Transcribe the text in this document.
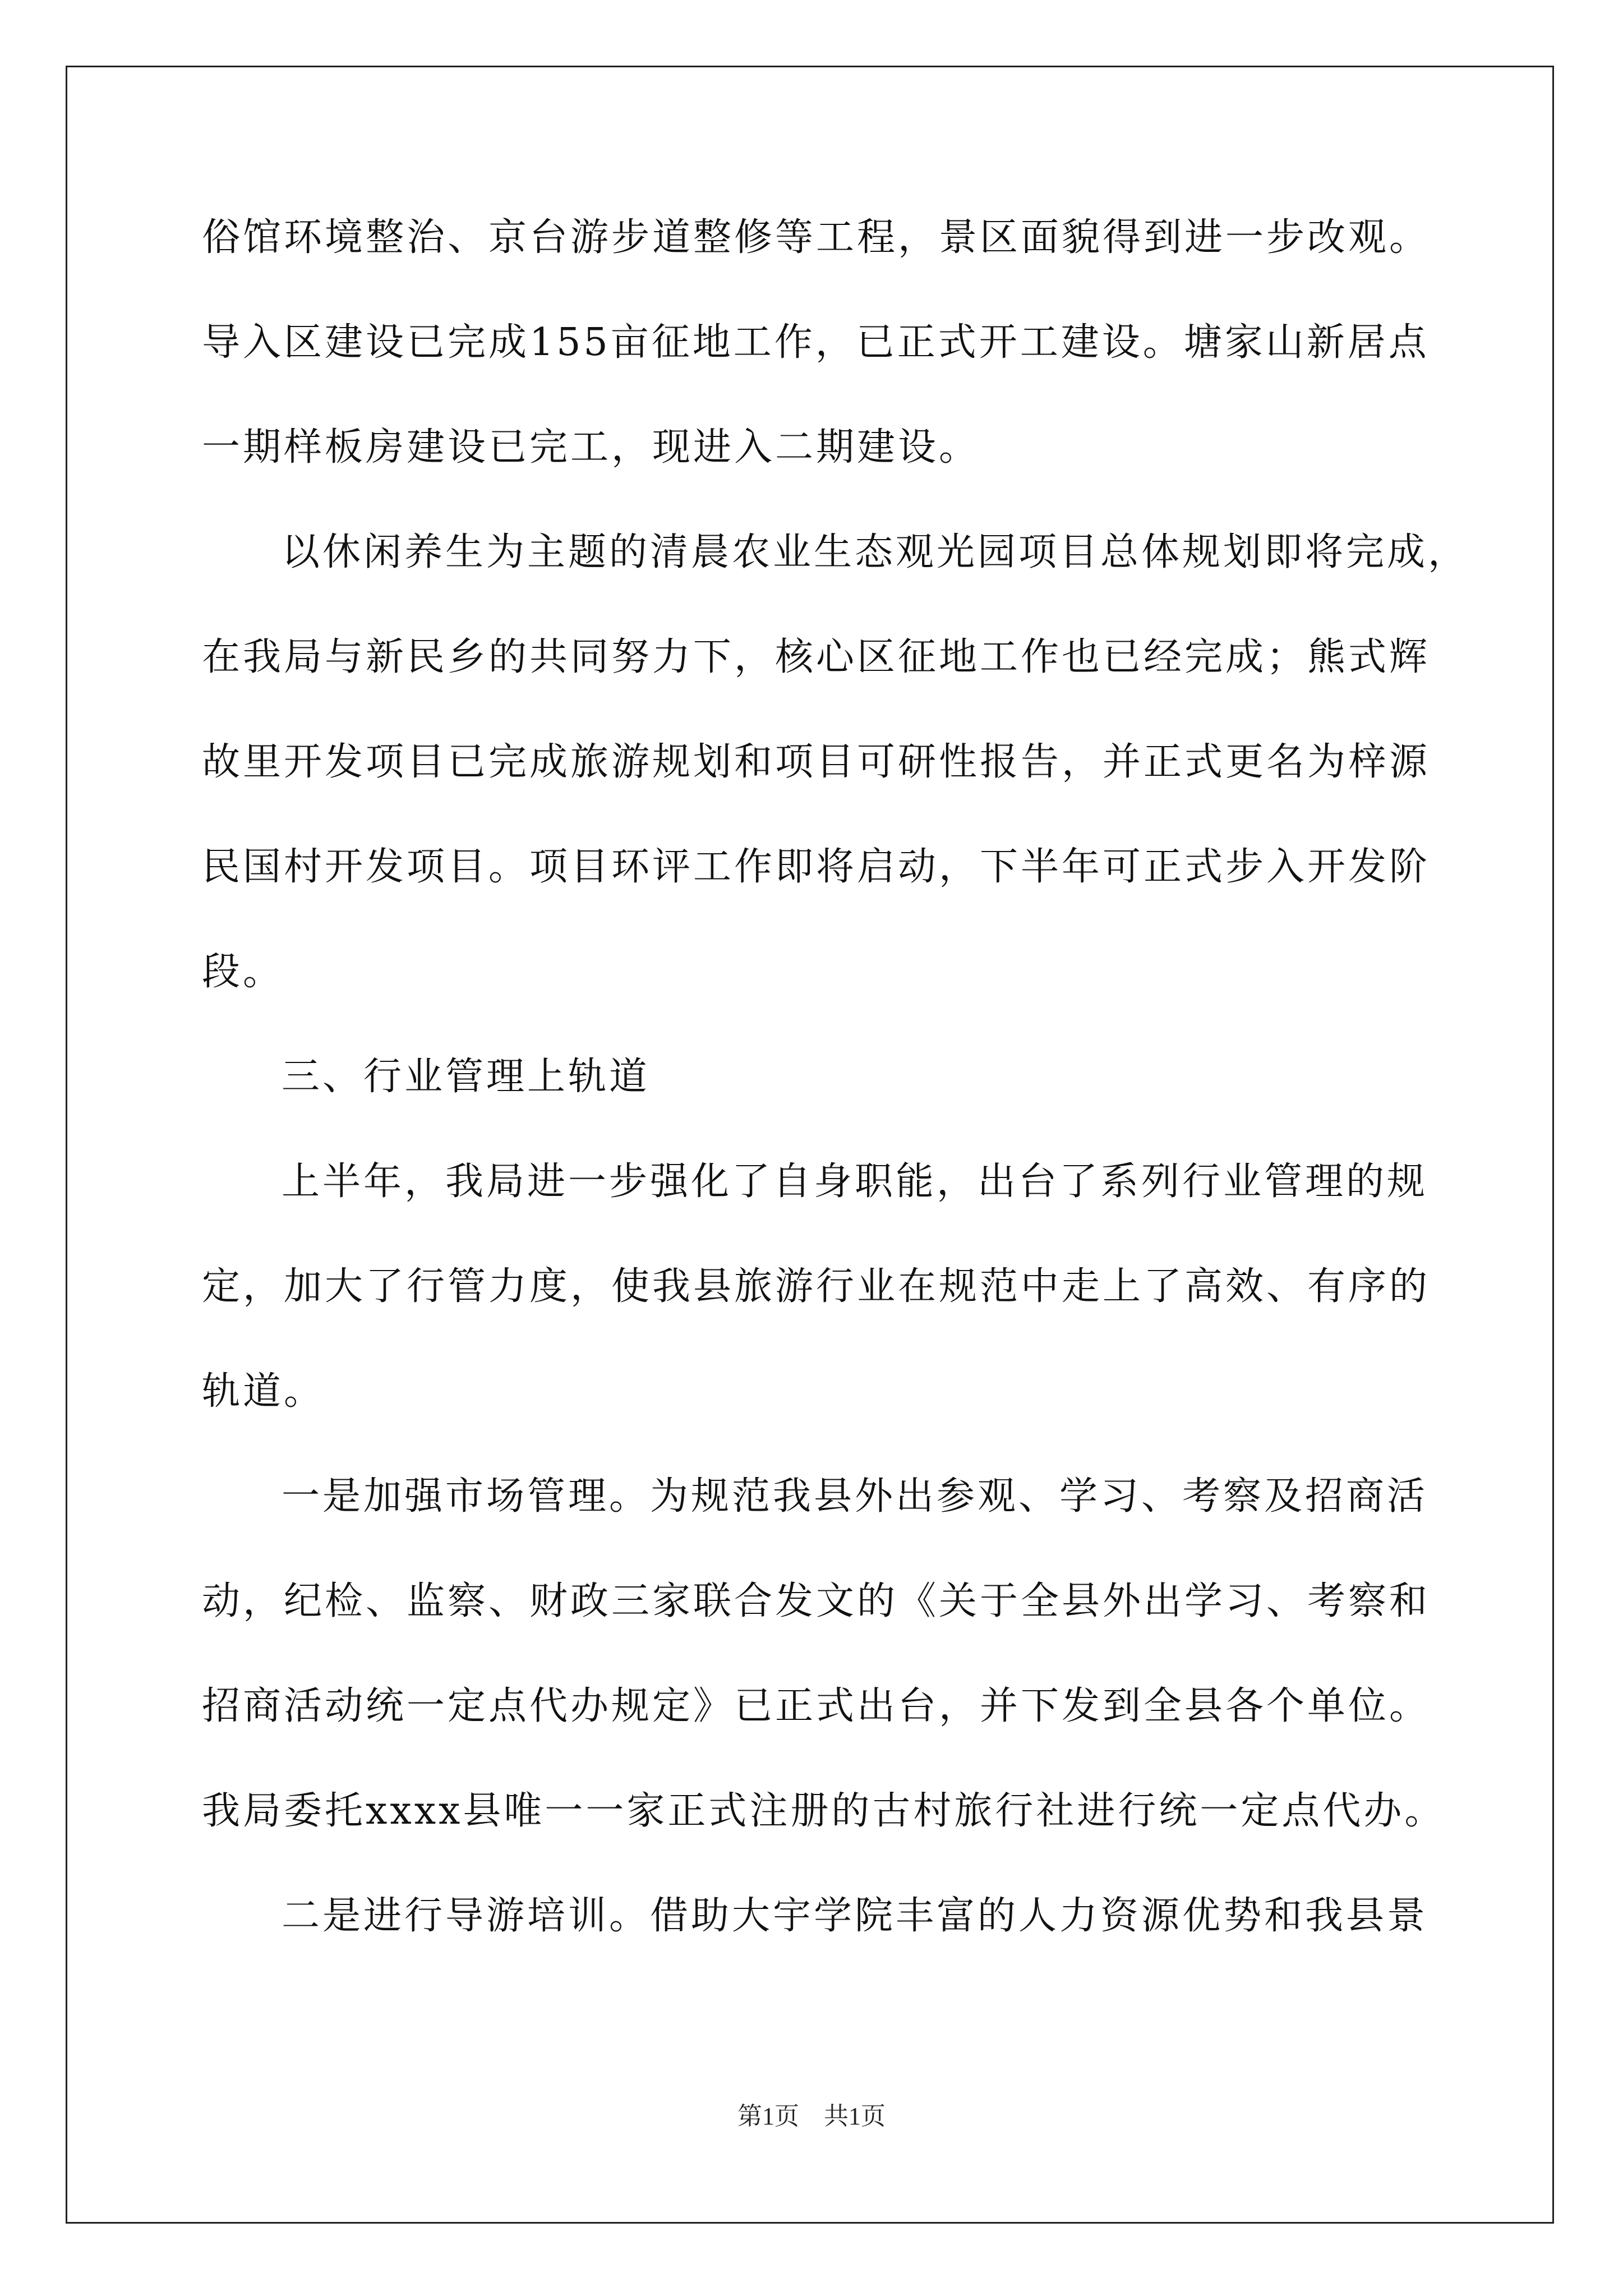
俗馆环境整治、京台游步道整修等工程，景区面貌得到进一步改观。
导入区建设已完成155亩征地工作，已正式开工建设。塘家山新居点
一期样板房建设已完工，现进入二期建设。
以休闲养生为主题的清晨农业生态观光园项目总体规划即将完成，
在我局与新民乡的共同努力下，核心区征地工作也已经完成；熊式辉
故里开发项目已完成旅游规划和项目可研性报告，并正式更名为梓源
民国村开发项目。项目环评工作即将启动，下半年可正式步入开发阶
段。
三、行业管理上轨道
上半年，我局进一步强化了自身职能，出台了系列行业管理的规
定，加大了行管力度，使我县旅游行业在规范中走上了高效、有序的
轨道。
一是加强市场管理。为规范我县外出参观、学习、考察及招商活
动，纪检、监察、财政三家联合发文的《关于全县外出学习、考察和
招商活动统一定点代办规定》已正式出台，并下发到全县各个单位。
我局委托xxxx县唯一一家正式注册的古村旅行社进行统一定点代办。
二是进行导游培训。借助大宇学院丰富的人力资源优势和我县景
第1页　共1页
